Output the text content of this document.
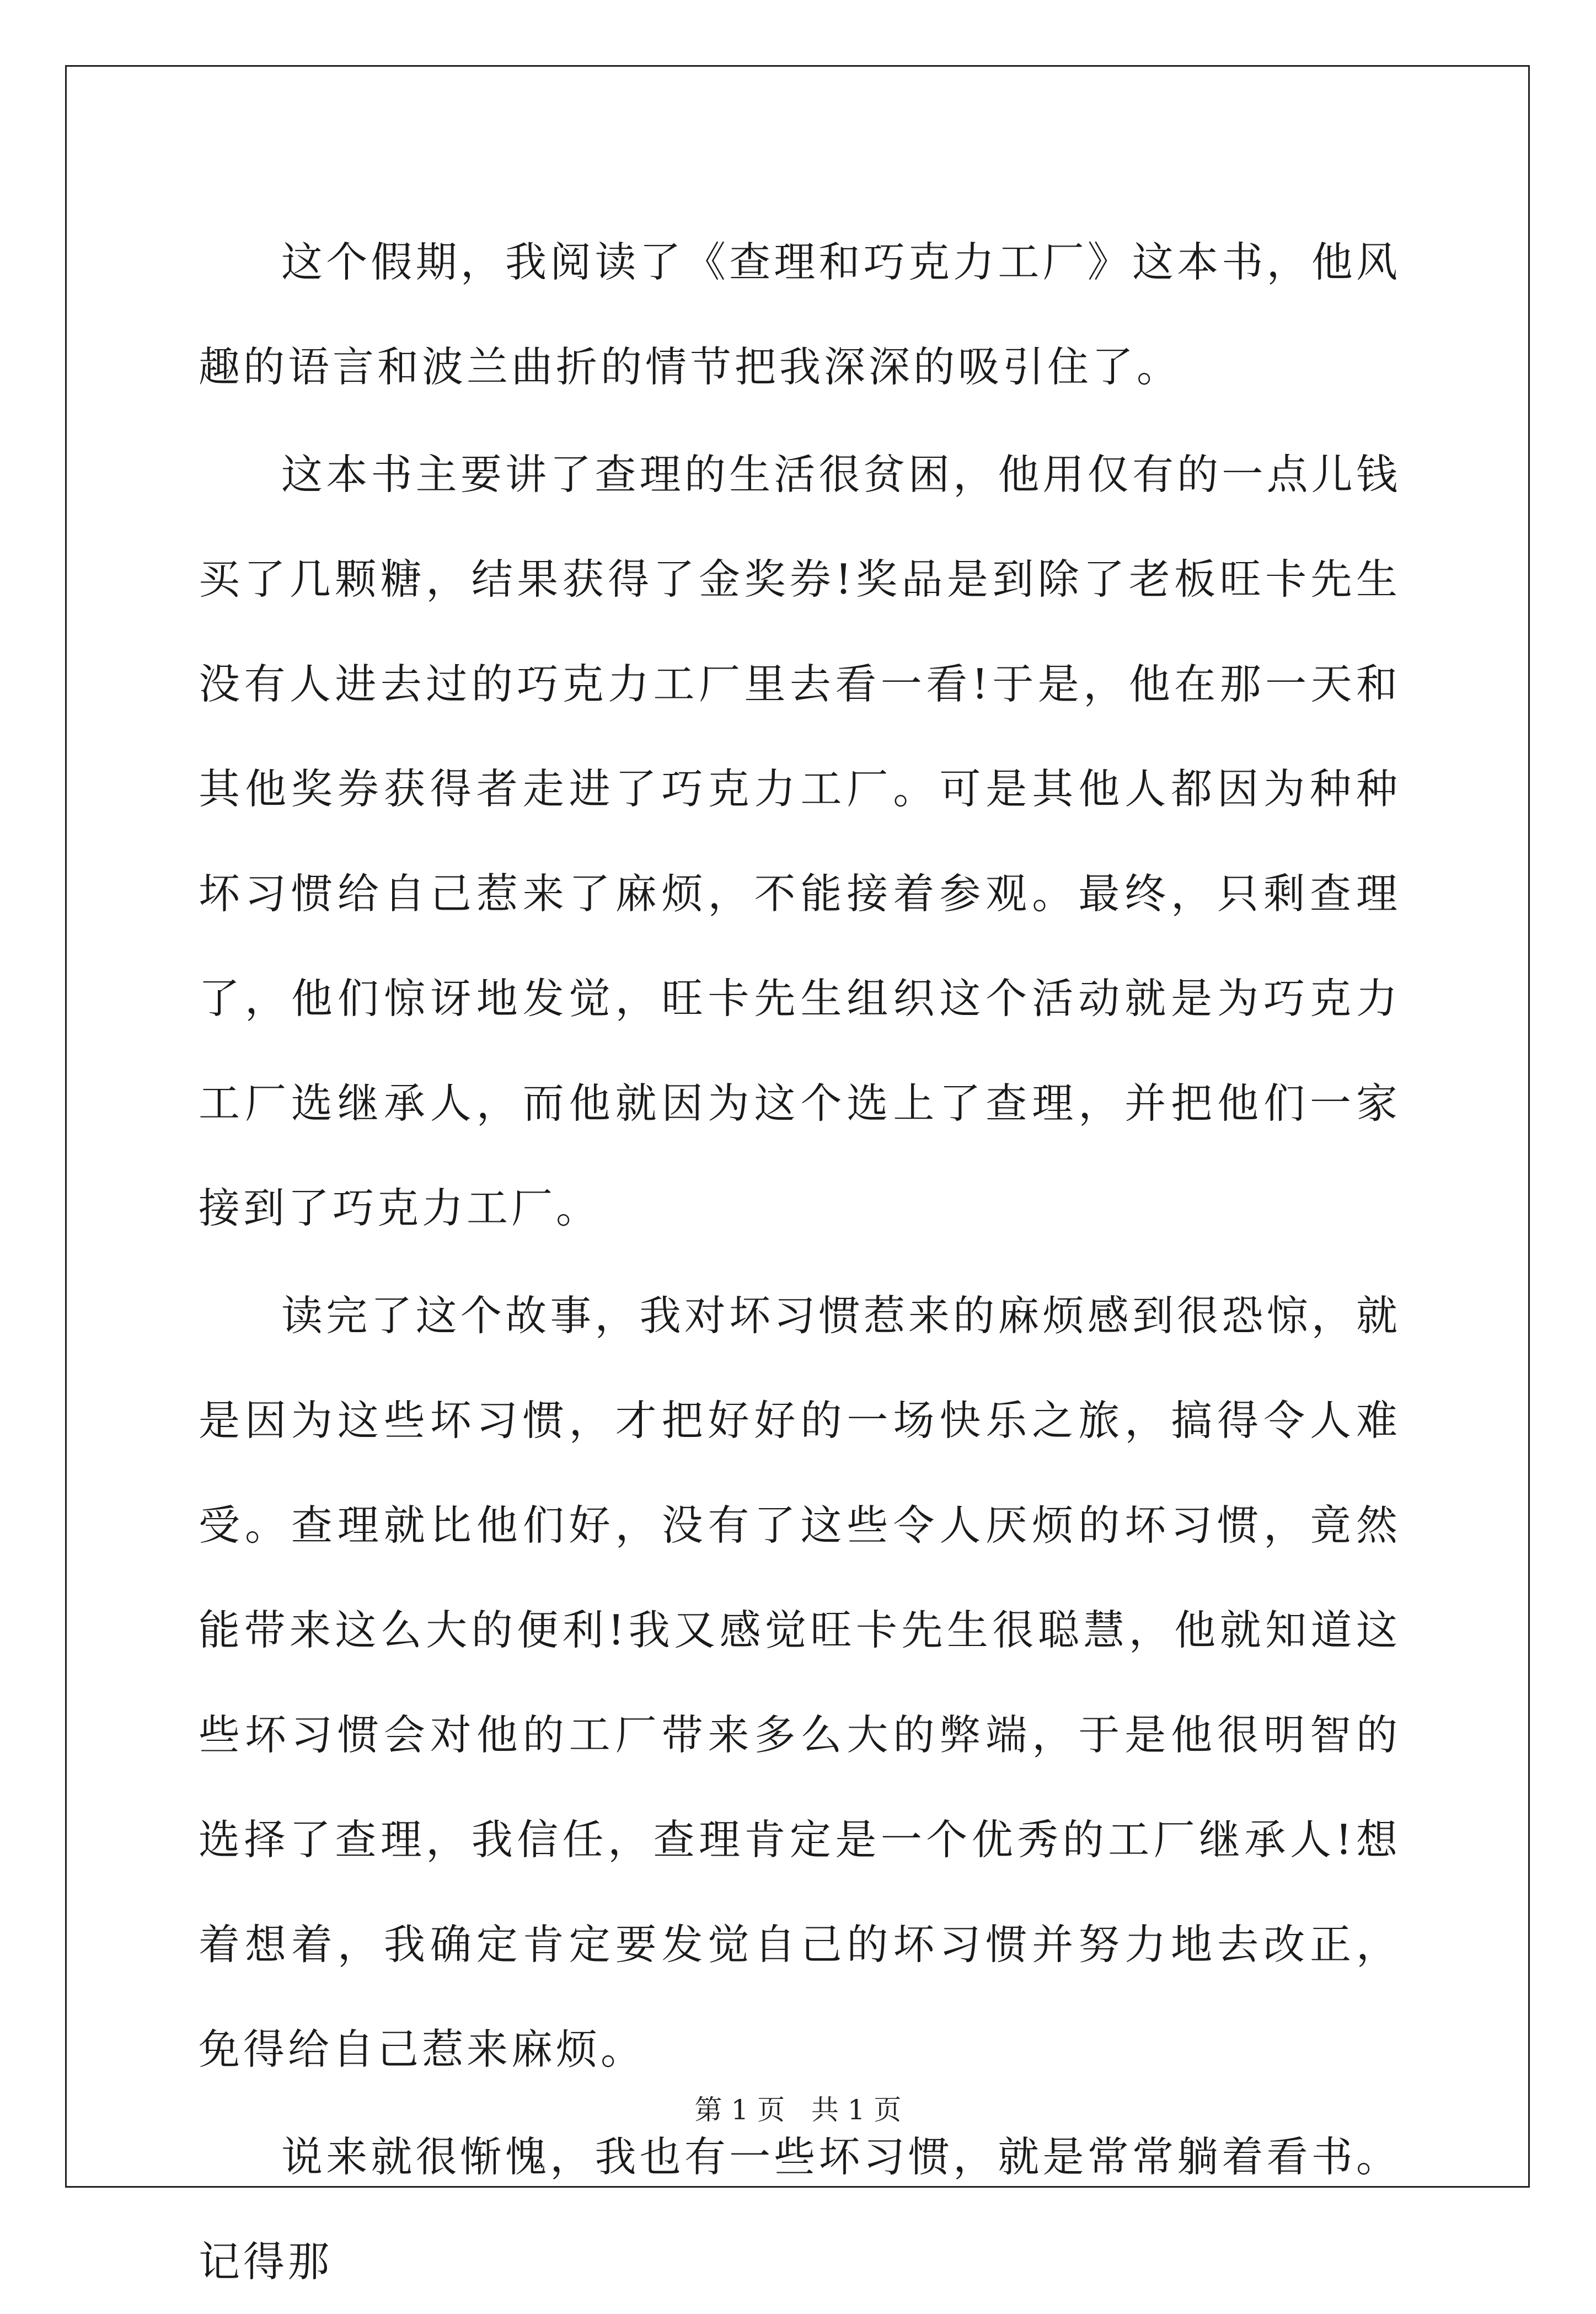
这个假期，我阅读了《查理和巧克力工厂》这本书，他风趣的语言和波兰曲折的情节把我深深的吸引住了。

这本书主要讲了查理的生活很贫困，他用仅有的一点儿钱买了几颗糖，结果获得了金奖券!奖品是到除了老板旺卡先生没有人进去过的巧克力工厂里去看一看!于是，他在那一天和其他奖券获得者走进了巧克力工厂。可是其他人都因为种种坏习惯给自己惹来了麻烦，不能接着参观。最终，只剩查理了，他们惊讶地发觉，旺卡先生组织这个活动就是为巧克力工厂选继承人，而他就因为这个选上了查理，并把他们一家接到了巧克力工厂。

读完了这个故事，我对坏习惯惹来的麻烦感到很恐惊，就是因为这些坏习惯，才把好好的一场快乐之旅，搞得令人难受。查理就比他们好，没有了这些令人厌烦的坏习惯，竟然能带来这么大的便利!我又感觉旺卡先生很聪慧，他就知道这些坏习惯会对他的工厂带来多么大的弊端，于是他很明智的选择了查理，我信任，查理肯定是一个优秀的工厂继承人!想着想着，我确定肯定要发觉自己的坏习惯并努力地去改正，免得给自己惹来麻烦。

说来就很惭愧，我也有一些坏习惯，就是常常躺着看书。记得那

第 1 页   共 1 页
